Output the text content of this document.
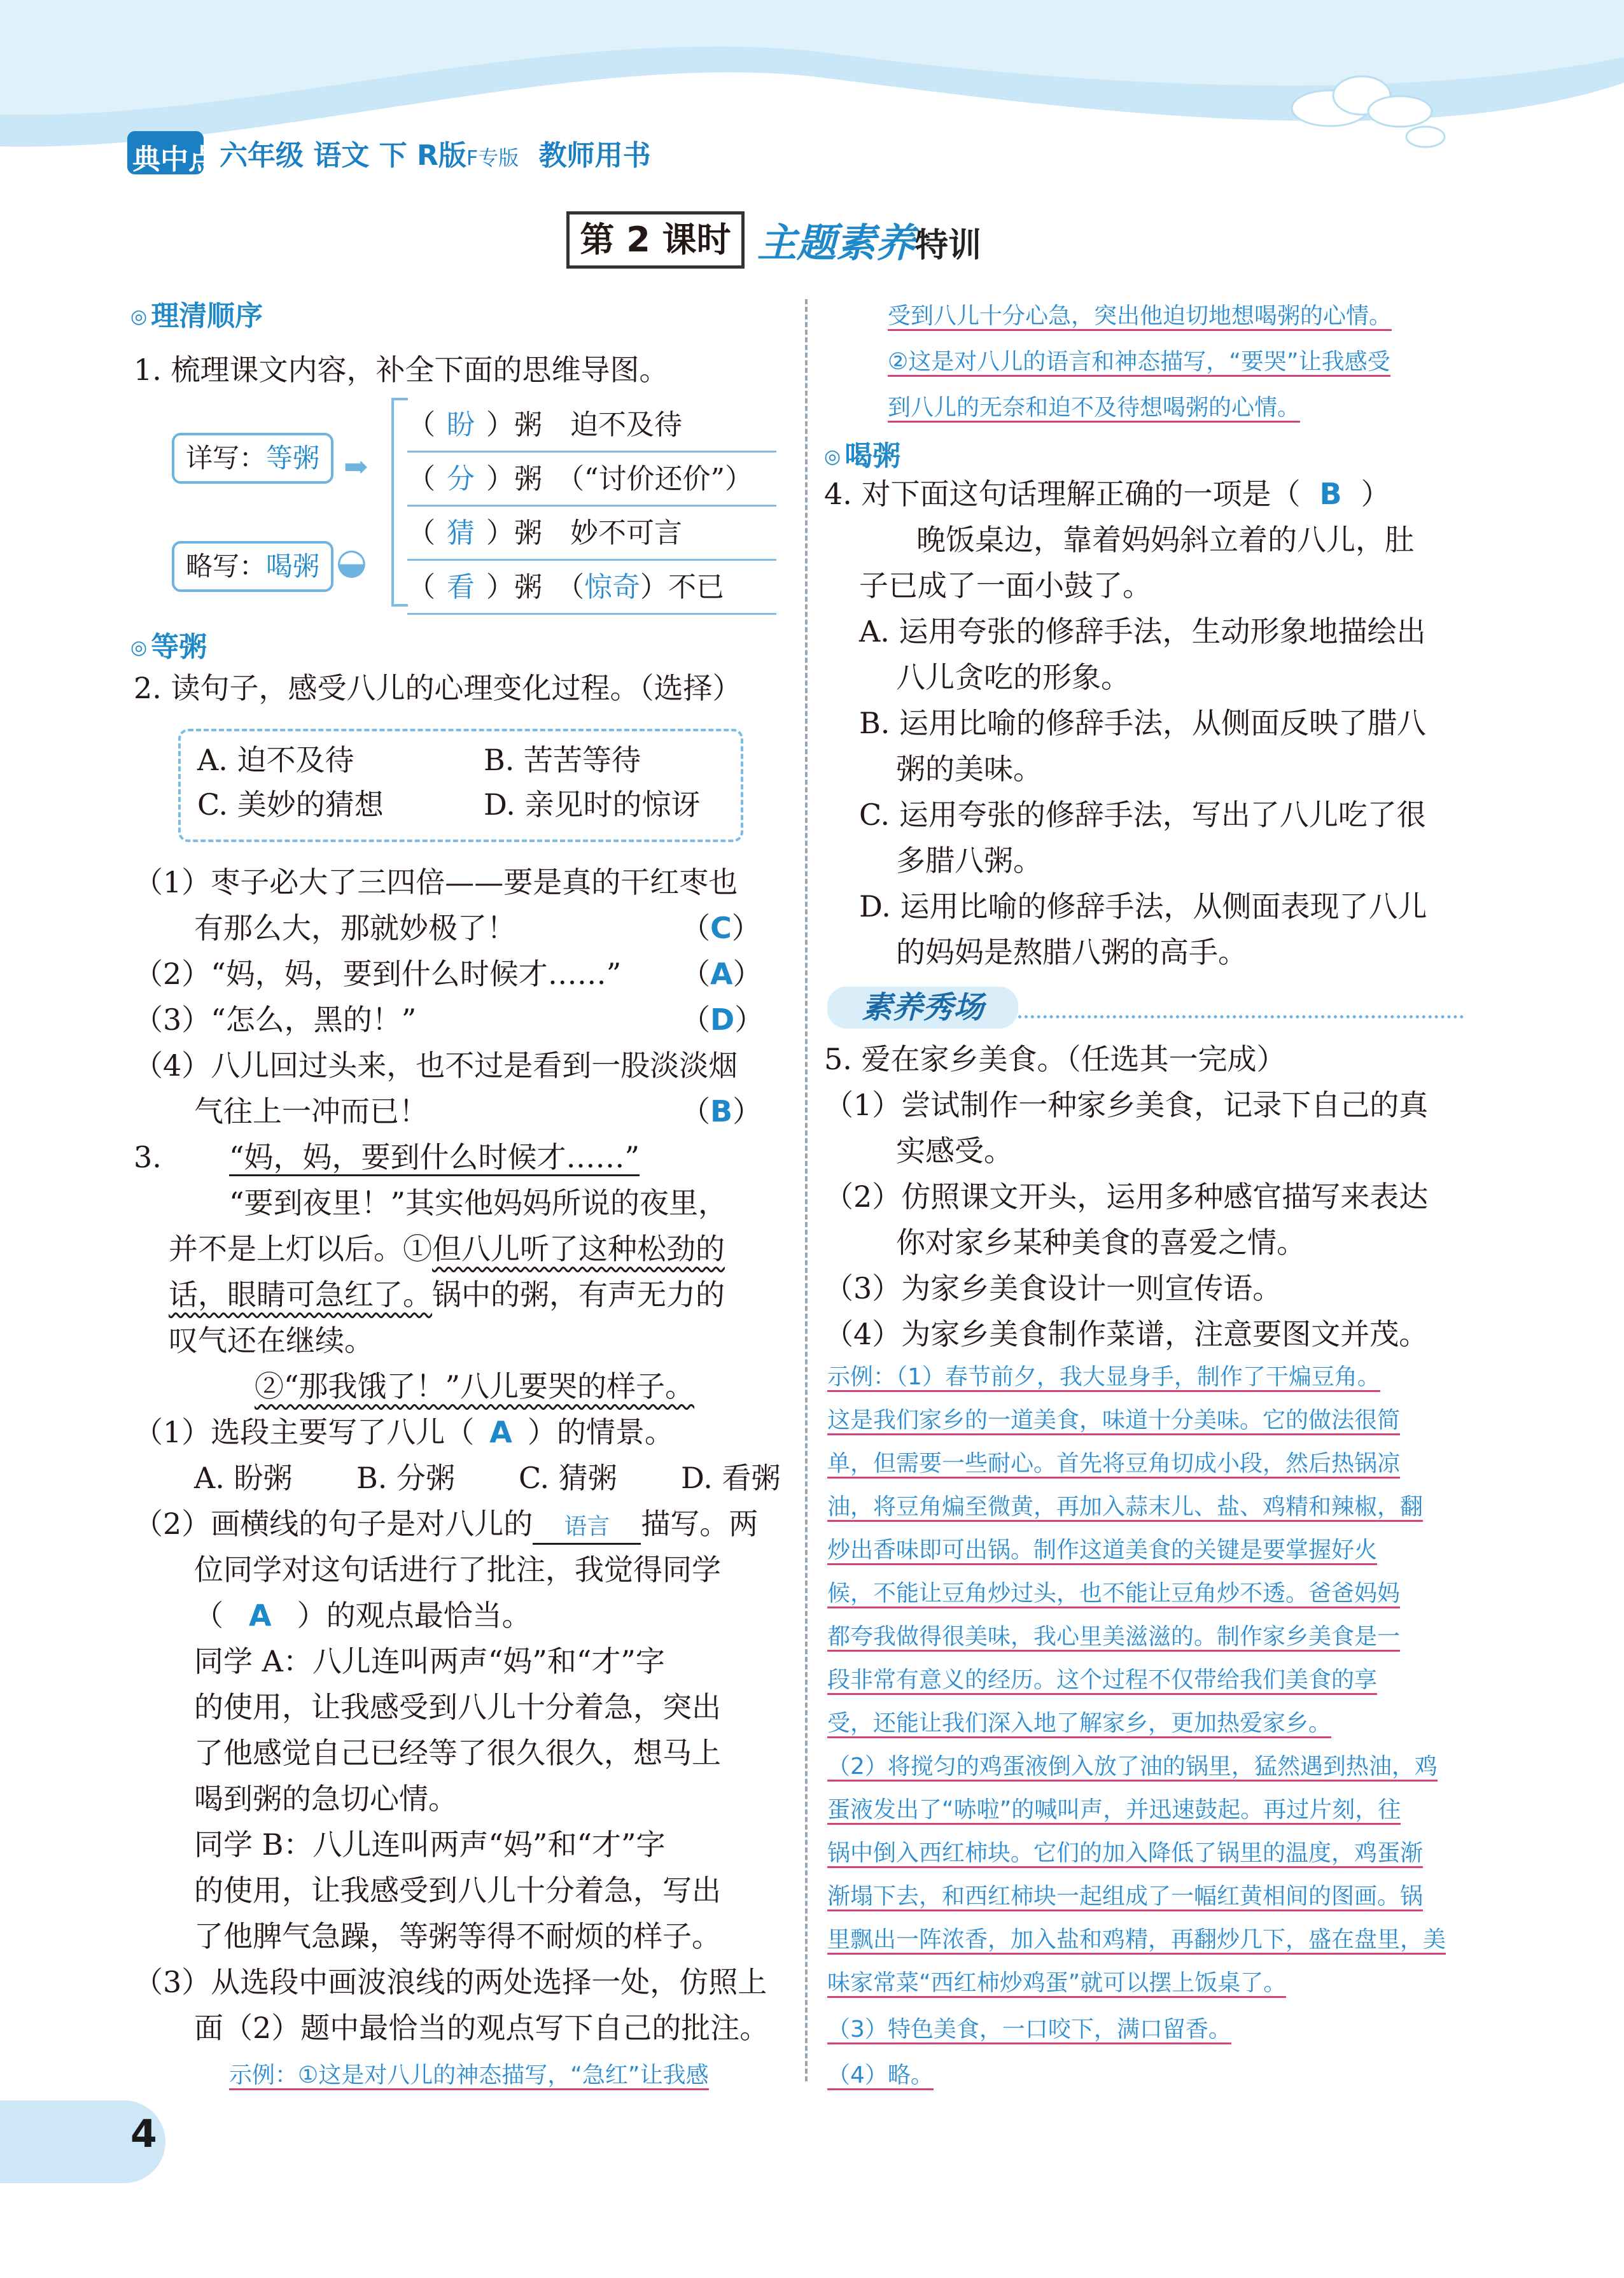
典中点 六年级 语文 下 R版F专版 教师用书
第 2 课时 主题素养特训
◎ 理清顺序
1. 梳理课文内容，补全下面的思维导图。
详写：等粥 ➡
略写：喝粥 ◒
（ 盼 ）粥　迫不及待
（ 分 ）粥　（“讨价还价”）
（ 猜 ）粥　妙不可言
（ 看 ）粥　（惊奇）不已
◎ 等粥
2. 读句子，感受八儿的心理变化过程。（选择）
A. 迫不及待	B. 苦苦等待
C. 美妙的猜想	D. 亲见时的惊讶
（1）枣子必大了三四倍——要是真的干红枣也
有那么大，那就妙极了！	（C）
（2）“妈，妈，要到什么时候才……” （A）
（3）“怎么，黑的！”	（D）
（4）八儿回过头来，也不过是看到一股淡淡烟
气往上一冲而已！	（B）
3. “妈，妈，要到什么时候才……”
“要到夜里！”其实他妈妈所说的夜里，
并不是上灯以后。①但八儿听了这种松劲的
话，眼睛可急红了。锅中的粥，有声无力的
叹气还在继续。
②“那我饿了！”八儿要哭的样子。
（1）选段主要写了八儿（ A ）的情景。
A. 盼粥 B. 分粥 C. 猜粥 D. 看粥
（2）画横线的句子是对八儿的 语言 描写。两
位同学对这句话进行了批注，我觉得同学
（ A ）的观点最恰当。
同学 A：八儿连叫两声“妈”和“才”字
的使用，让我感受到八儿十分着急，突出
了他感觉自己已经等了很久很久，想马上
喝到粥的急切心情。
同学 B：八儿连叫两声“妈”和“才”字
的使用，让我感受到八儿十分着急，写出
了他脾气急躁，等粥等得不耐烦的样子。
（3）从选段中画波浪线的两处选择一处，仿照上
面（2）题中最恰当的观点写下自己的批注。
示例：①这是对八儿的神态描写，“急红”让我感
受到八儿十分心急，突出他迫切地想喝粥的心情。
②这是对八儿的语言和神态描写，“要哭”让我感受
到八儿的无奈和迫不及待想喝粥的心情。
◎ 喝粥
4. 对下面这句话理解正确的一项是（ B ）
晚饭桌边，靠着妈妈斜立着的八儿，肚
子已成了一面小鼓了。
A. 运用夸张的修辞手法，生动形象地描绘出
八儿贪吃的形象。
B. 运用比喻的修辞手法，从侧面反映了腊八
粥的美味。
C. 运用夸张的修辞手法，写出了八儿吃了很
多腊八粥。
D. 运用比喻的修辞手法，从侧面表现了八儿
的妈妈是熬腊八粥的高手。
素养秀场
5. 爱在家乡美食。（任选其一完成）
（1）尝试制作一种家乡美食，记录下自己的真
实感受。
（2）仿照课文开头，运用多种感官描写来表达
你对家乡某种美食的喜爱之情。
（3）为家乡美食设计一则宣传语。
（4）为家乡美食制作菜谱，注意要图文并茂。
示例：（1）春节前夕，我大显身手，制作了干煸豆角。
这是我们家乡的一道美食，味道十分美味。它的做法很简
单，但需要一些耐心。首先将豆角切成小段，然后热锅凉
油，将豆角煸至微黄，再加入蒜末儿、盐、鸡精和辣椒，翻
炒出香味即可出锅。制作这道美食的关键是要掌握好火
候，不能让豆角炒过头，也不能让豆角炒不透。爸爸妈妈
都夸我做得很美味，我心里美滋滋的。制作家乡美食是一
段非常有意义的经历。这个过程不仅带给我们美食的享
受，还能让我们深入地了解家乡，更加热爱家乡。
（2）将搅匀的鸡蛋液倒入放了油的锅里，猛然遇到热油，鸡
蛋液发出了“哧啦”的喊叫声，并迅速鼓起。再过片刻，往
锅中倒入西红柿块。它们的加入降低了锅里的温度，鸡蛋渐
渐塌下去，和西红柿块一起组成了一幅红黄相间的图画。锅
里飘出一阵浓香，加入盐和鸡精，再翻炒几下，盛在盘里，美
味家常菜“西红柿炒鸡蛋”就可以摆上饭桌了。
（3）特色美食，一口咬下，满口留香。
（4）略。
4
